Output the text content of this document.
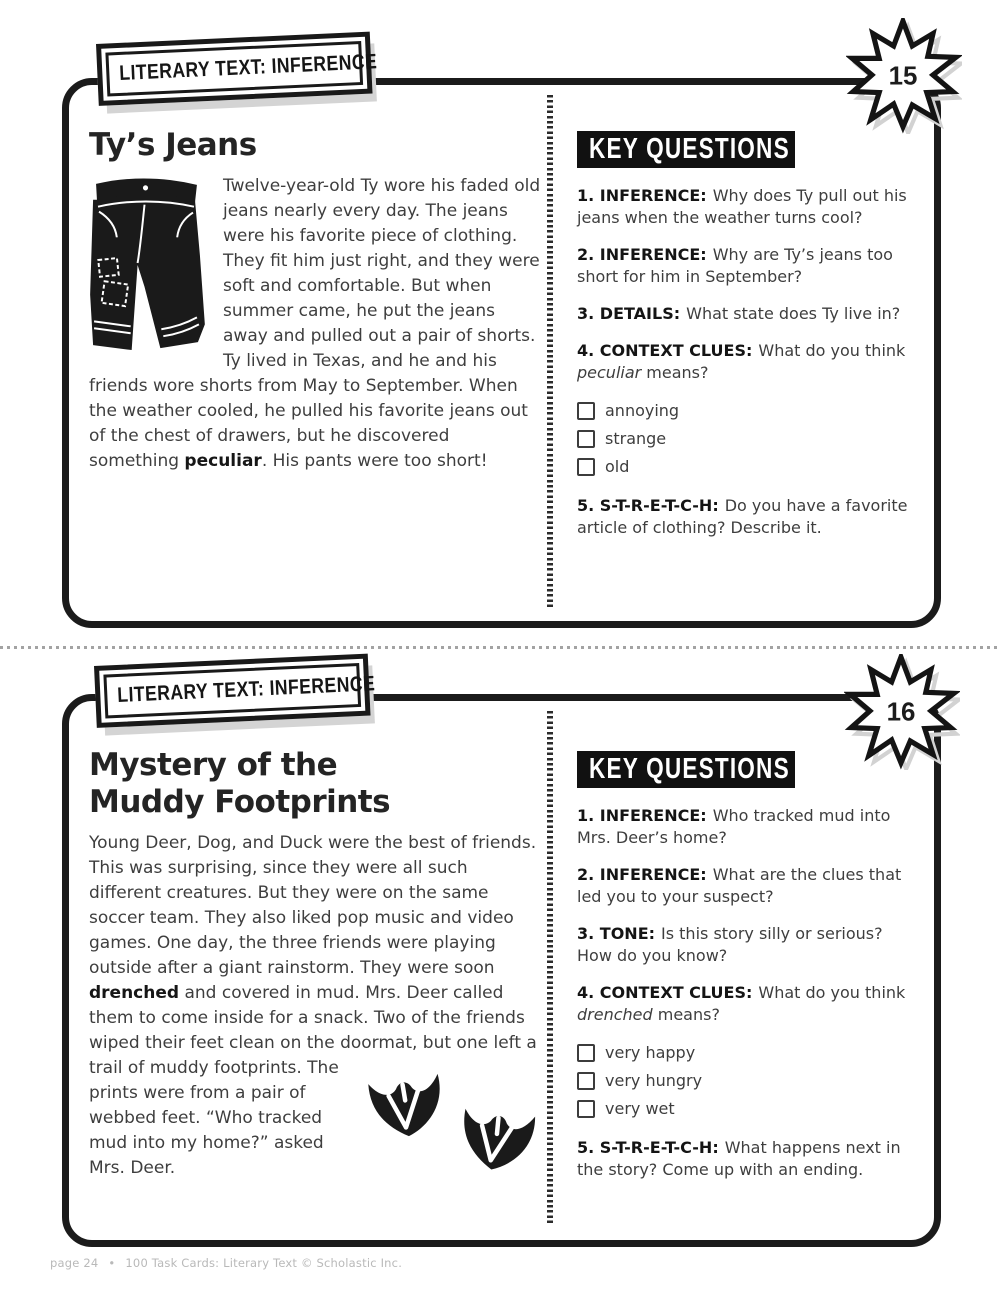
LITERARY TEXT: INFERENCE	15
Ty’s Jeans
Twelve-year-old Ty wore his faded old jeans nearly every day. The jeans were his favorite piece of clothing. They fit him just right, and they were soft and comfortable. But when summer came, he put the jeans away and pulled out a pair of shorts. Ty lived in Texas, and he and his friends wore shorts from May to September. When the weather cooled, he pulled his favorite jeans out of the chest of drawers, but he discovered something peculiar. His pants were too short!
KEY QUESTIONS

1. INFERENCE: Why does Ty pull out his jeans when the weather turns cool?

2. INFERENCE: Why are Ty’s jeans too short for him in September?

3. DETAILS: What state does Ty live in?

4. CONTEXT CLUES: What do you think peculiar means?

annoying
strange
old

5. S-T-R-E-T-C-H: Do you have a favorite article of clothing? Describe it.

LITERARY TEXT: INFERENCE
16
Mystery of the
Muddy Footprints
Young Deer, Dog, and Duck were the best of friends. This was surprising, since they were all such different creatures. But they were on the same soccer team. They also liked pop music and video games. One day, the three friends were playing outside after a giant rainstorm. They were soon drenched and covered in mud. Mrs. Deer called them to come inside for a snack. Two of the friends wiped their feet clean on the doormat, but one left a trail of muddy
footprints. The prints were from a pair of webbed feet. “Who tracked mud into my home?” asked Mrs. Deer.
KEY QUESTIONS

1. INFERENCE: Who tracked mud into Mrs. Deer’s home?

2. INFERENCE: What are the clues that led you to your suspect?

3. TONE: Is this story silly or serious? How do you know?

4. CONTEXT CLUES: What do you think drenched means?

very happy
very hungry
very wet

5. S-T-R-E-T-C-H: What happens next in the story? Come up with an ending.

page 24 • 100 Task Cards: Literary Text © Scholastic Inc.
